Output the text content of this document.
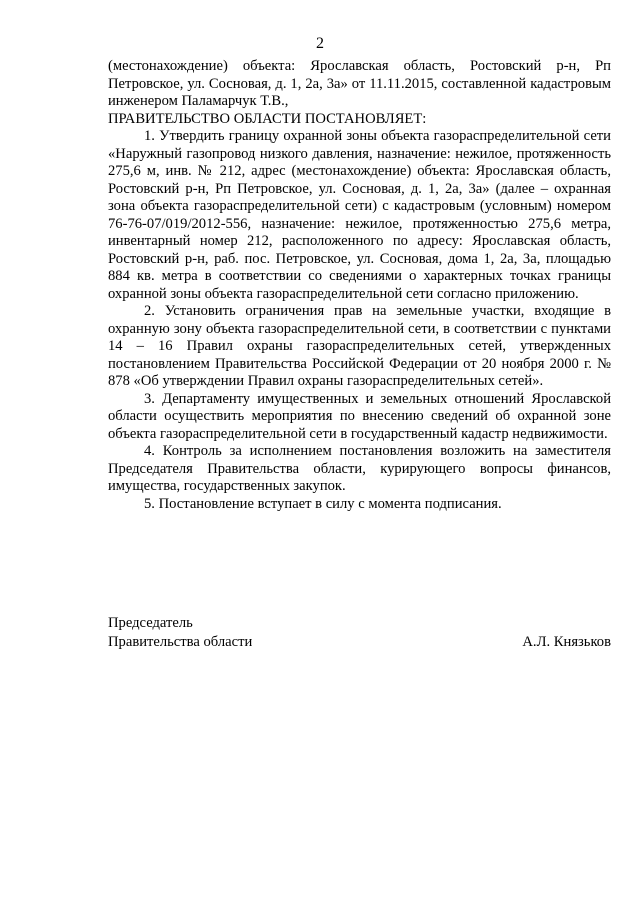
2

(местонахождение) объекта: Ярославская область, Ростовский р-н, Рп Петровское, ул. Сосновая, д. 1, 2а, 3а» от 11.11.2015, составленной кадастровым инженером Паламарчук Т.В.,

ПРАВИТЕЛЬСТВО ОБЛАСТИ ПОСТАНОВЛЯЕТ:

1. Утвердить границу охранной зоны объекта газораспределительной сети «Наружный газопровод низкого давления, назначение: нежилое, протяженность 275,6 м, инв. № 212, адрес (местонахождение) объекта: Ярославская область, Ростовский р-н, Рп Петровское, ул. Сосновая, д. 1, 2а, 3а» (далее – охранная зона объекта газораспределительной сети) с кадастровым (условным) номером 76-76-07/019/2012-556, назначение: нежилое, протяженностью 275,6 метра, инвентарный номер 212, расположенного по адресу: Ярославская область, Ростовский р-н, раб. пос. Петровское, ул. Сосновая, дома 1, 2а, 3а, площадью 884 кв. метра в соответствии со сведениями о характерных точках границы охранной зоны объекта газораспределительной сети согласно приложению.

2. Установить ограничения прав на земельные участки, входящие в охранную зону объекта газораспределительной сети, в соответствии с пунктами 14 – 16 Правил охраны газораспределительных сетей, утвержденных постановлением Правительства Российской Федерации от 20 ноября 2000 г. № 878 «Об утверждении Правил охраны газораспределительных сетей».

3. Департаменту имущественных и земельных отношений Ярославской области осуществить мероприятия по внесению сведений об охранной зоне объекта газораспределительной сети в государственный кадастр недвижимости.

4. Контроль за исполнением постановления возложить на заместителя Председателя Правительства области, курирующего вопросы финансов, имущества, государственных закупок.

5. Постановление вступает в силу с момента подписания.

Председатель
Правительства области	А.Л. Князьков
